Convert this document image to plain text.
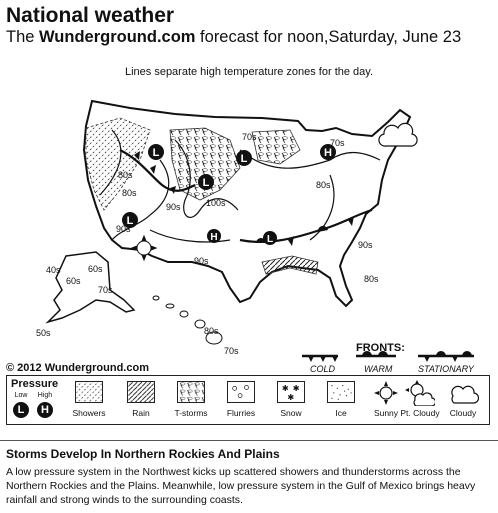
National weather
The Wunderground.com forecast for noon,Saturday, June 23
Lines separate high temperature zones for the day.
L
L
L
L
H
L
H
70s
80s
80s
90s	100s
90s
70s
80s
90s
80s
90s
60s
40s
60s
70s
50s	80s
70s
© 2012 Wunderground.com
FRONTS:
COLD	WARM	STATIONARY
Pressure
Low	High
L	H	Showers	Rain	T-storms	Flurries
✱ ✱
✱
Snow	Ice	Sunny Pt. Cloudy	Cloudy
Storms Develop In Northern Rockies And Plains
A low pressure system in the Northwest kicks up scattered showers and thunderstorms across the Northern Rockies and the Plains. Meanwhile, low pressure system in the Gulf of Mexico brings heavy rainfall and strong winds to the surrounding coasts.
